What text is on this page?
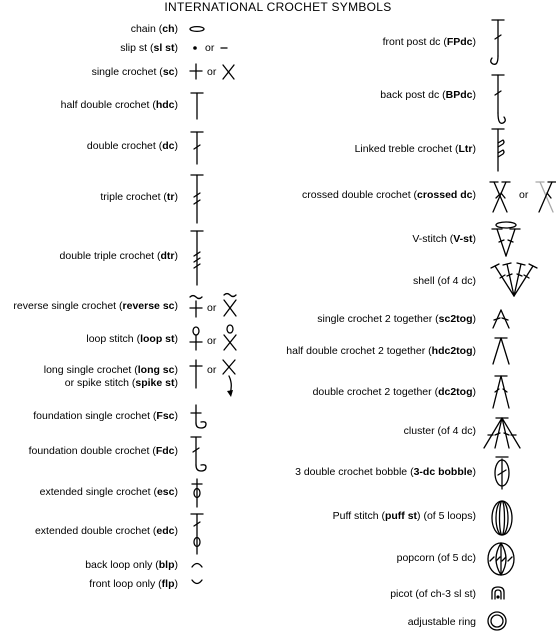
INTERNATIONAL CROCHET SYMBOLS
chain (ch)
slip st (sl st)
single crochet (sc)
half double crochet (hdc)
double crochet (dc)
triple crochet (tr)
double triple crochet (dtr)
reverse single crochet (reverse sc)
loop stitch (loop st)
long single crochet (long sc)
or spike stitch (spike st)
foundation single crochet (Fsc)
foundation double crochet (Fdc)
extended single crochet (esc)
extended double crochet (edc)
back loop only (blp)
front loop only (flp)
or
or
or
or
or
front post dc (FPdc)
back post dc (BPdc)
Linked treble crochet (Ltr)
crossed double crochet (crossed dc)
V-stitch (V-st)
shell (of 4 dc)
single crochet 2 together (sc2tog)
half double crochet 2 together (hdc2tog)
double crochet 2 together (dc2tog)
cluster (of 4 dc)
3 double crochet bobble (3-dc bobble)
Puff stitch (puff st) (of 5 loops)
popcorn (of 5 dc)
picot (of ch-3 sl st)
adjustable ring
or
